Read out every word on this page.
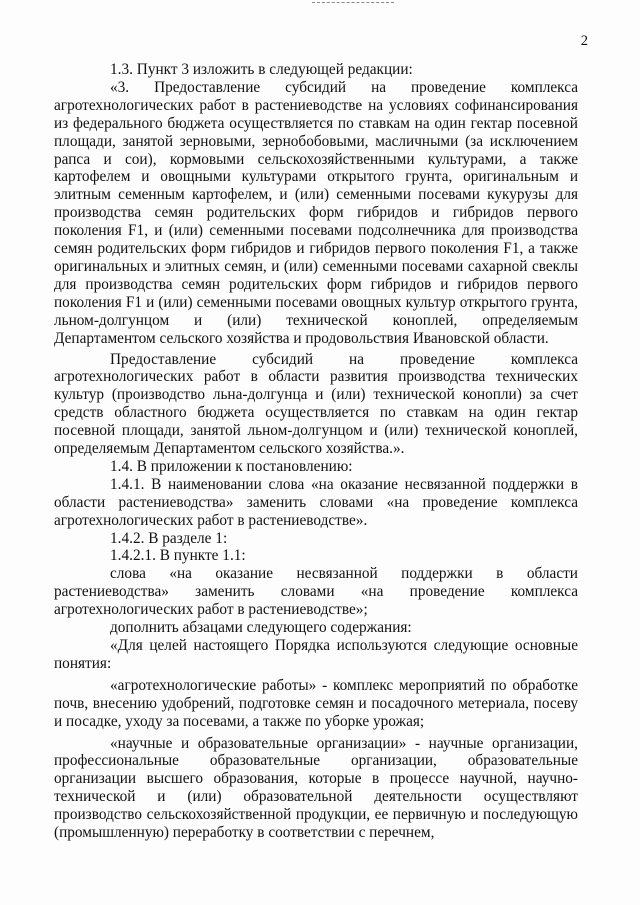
2

1.3. Пункт 3 изложить в следующей редакции:

«3. Предоставление субсидий на проведение комплекса агротехнологических работ в растениеводстве на условиях софинансирования из федерального бюджета осуществляется по ставкам на один гектар посевной площади, занятой зерновыми, зернобобовыми, масличными (за исключением рапса и сои), кормовыми сельскохозяйственными культурами, а также картофелем и овощными культурами открытого грунта, оригинальным и элитным семенным картофелем, и (или) семенными посевами кукурузы для производства семян родительских форм гибридов и гибридов первого поколения F1, и (или) семенными посевами подсолнечника для производства семян родительских форм гибридов и гибридов первого поколения F1, а также оригинальных и элитных семян, и (или) семенными посевами сахарной свеклы для производства семян родительских форм гибридов и гибридов первого поколения F1 и (или) семенными посевами овощных культур открытого грунта, льном-долгунцом и (или) технической коноплей, определяемым Департаментом сельского хозяйства и продовольствия Ивановской области.

Предоставление субсидий на проведение комплекса агротехнологических работ в области развития производства технических культур (производство льна-долгунца и (или) технической конопли) за счет средств областного бюджета осуществляется по ставкам на один гектар посевной площади, занятой льном-долгунцом и (или) технической коноплей, определяемым Департаментом сельского хозяйства.».

1.4. В приложении к постановлению:

1.4.1. В наименовании слова «на оказание несвязанной поддержки в области растениеводства» заменить словами «на проведение комплекса агротехнологических работ в растениеводстве».

1.4.2. В разделе 1:

1.4.2.1. В пункте 1.1:

слова «на оказание несвязанной поддержки в области растениеводства» заменить словами «на проведение комплекса агротехнологических работ в растениеводстве»;

дополнить абзацами следующего содержания:

«Для целей настоящего Порядка используются следующие основные понятия:

«агротехнологические работы» - комплекс мероприятий по обработке почв, внесению удобрений, подготовке семян и посадочного метериала, посеву и посадке, уходу за посевами, а также по уборке урожая;

«научные и образовательные организации» - научные организации, профессиональные образовательные организации, образовательные организации высшего образования, которые в процессе научной, научно-технической и (или) образовательной деятельности осуществляют производство сельскохозяйственной продукции, ее первичную и последующую (промышленную) переработку в соответствии с перечнем,
